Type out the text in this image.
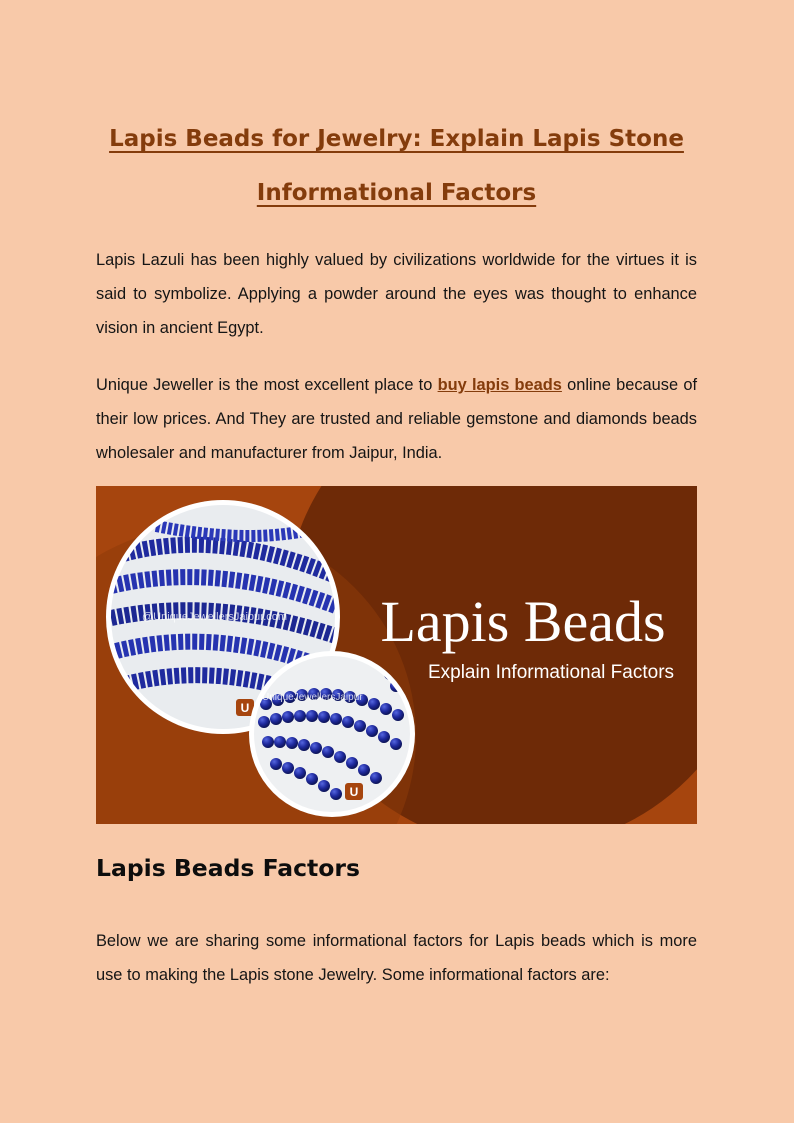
Lapis Beads for Jewelry: Explain Lapis Stone
Informational Factors

Lapis Lazuli has been highly valued by civilizations worldwide for the virtues it is said to symbolize. Applying a powder around the eyes was thought to enhance vision in ancient Egypt.

Unique Jeweller is the most excellent place to buy lapis beads online because of their low prices. And They are trusted and reliable gemstone and diamonds beads wholesaler and manufacturer from Jaipur, India.

@UniqueJewellersJaipur.com
U
UniqueJewellersJaipur
U
Lapis Beads
Explain Informational Factors
Lapis Beads Factors

Below we are sharing some informational factors for Lapis beads which is more use to making the Lapis stone Jewelry. Some informational factors are:
